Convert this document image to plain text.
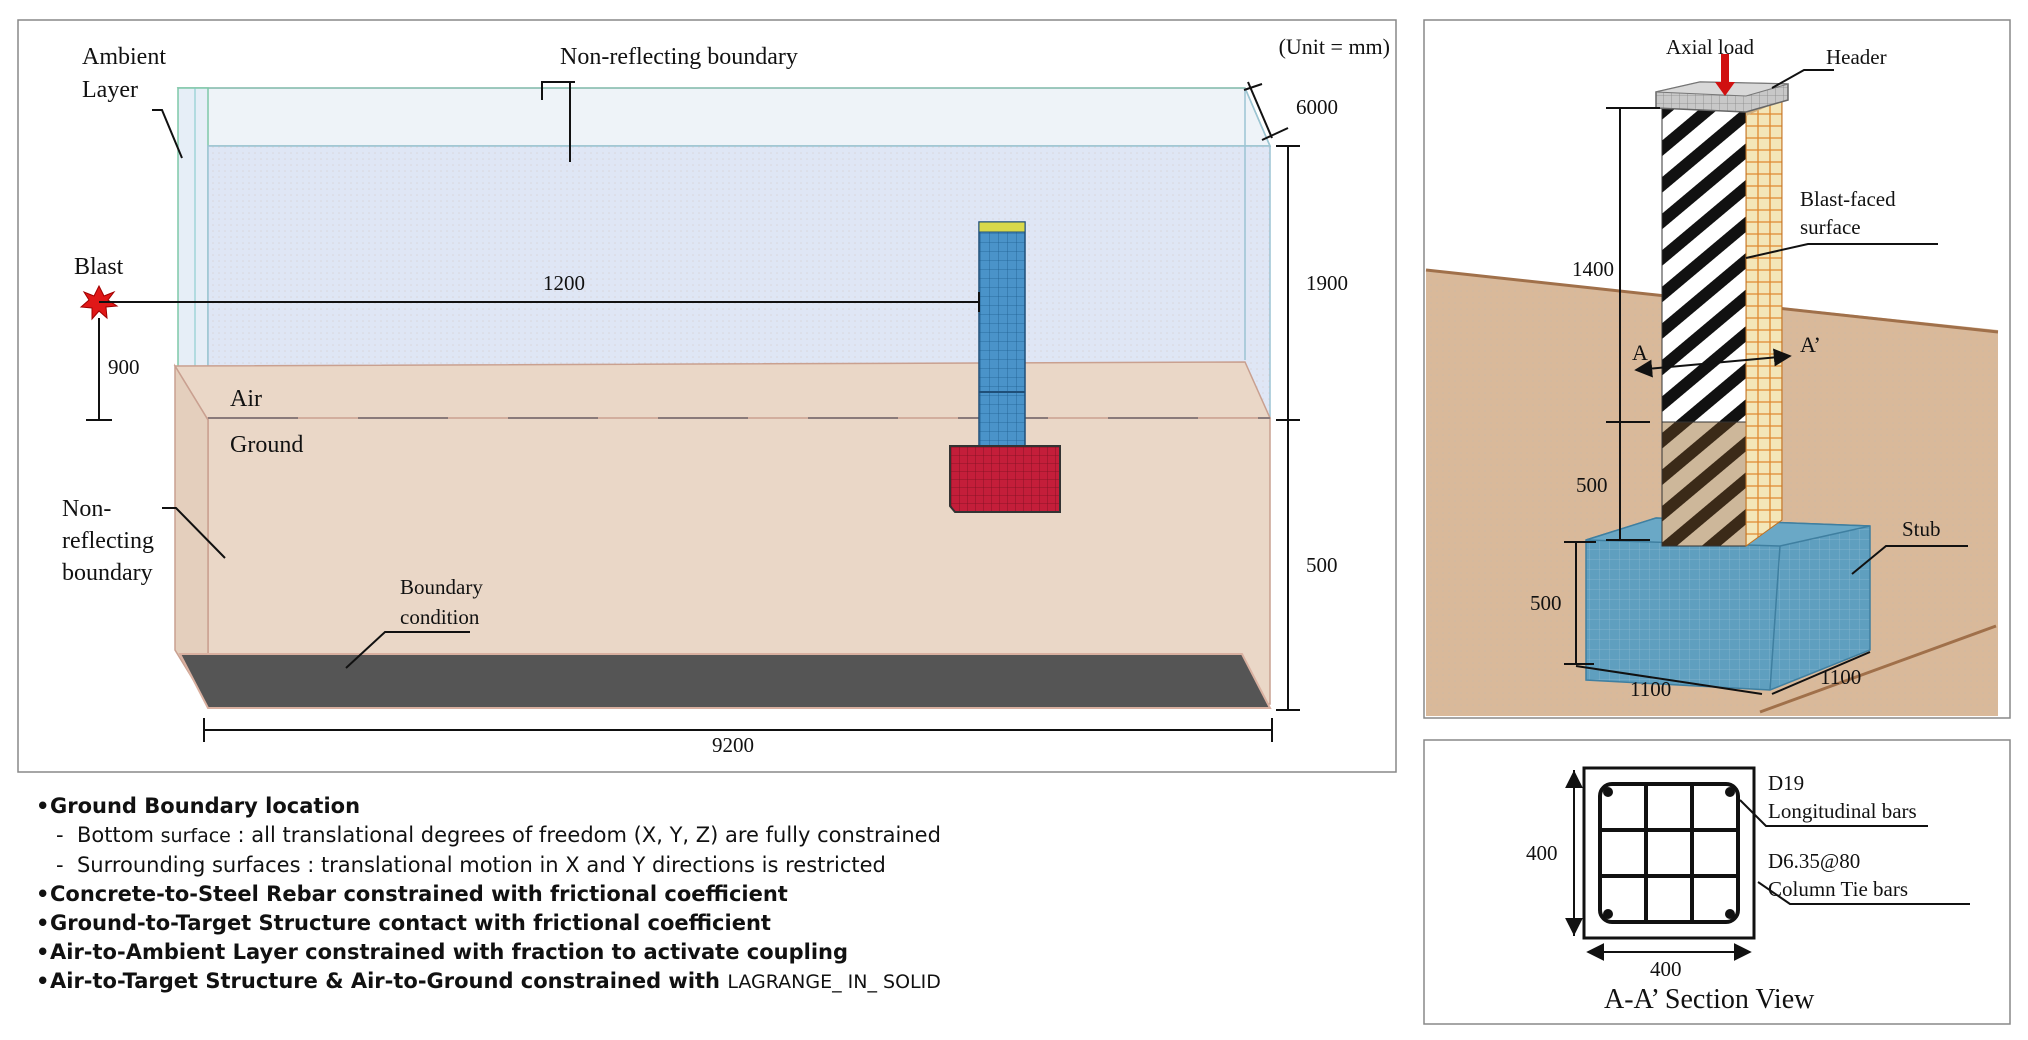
(Unit = mm)
Ambient
Layer
Non-reflecting boundary
Blast
1200
900
Air
Ground
Non-
reflecting
boundary
Boundary
condition
6000
1900
500
9200
Axial load	Header
Blast-faced
surface
A	A’
1400
500
Stub
500
1100	1100
D19
Longitudinal bars
D6.35@80
Column Tie bars
400
400
A-A’ Section View
•Ground Boundary location
-  Bottom surface : all translational degrees of freedom (X, Y, Z) are fully constrained
-  Surrounding surfaces : translational motion in X and Y directions is restricted
•Concrete-to-Steel Rebar constrained with frictional coefficient
•Ground-to-Target Structure contact with frictional coefficient
•Air-to-Ambient Layer constrained with fraction to activate coupling
•Air-to-Target Structure & Air-to-Ground constrained with LAGRANGE_ IN_ SOLID
